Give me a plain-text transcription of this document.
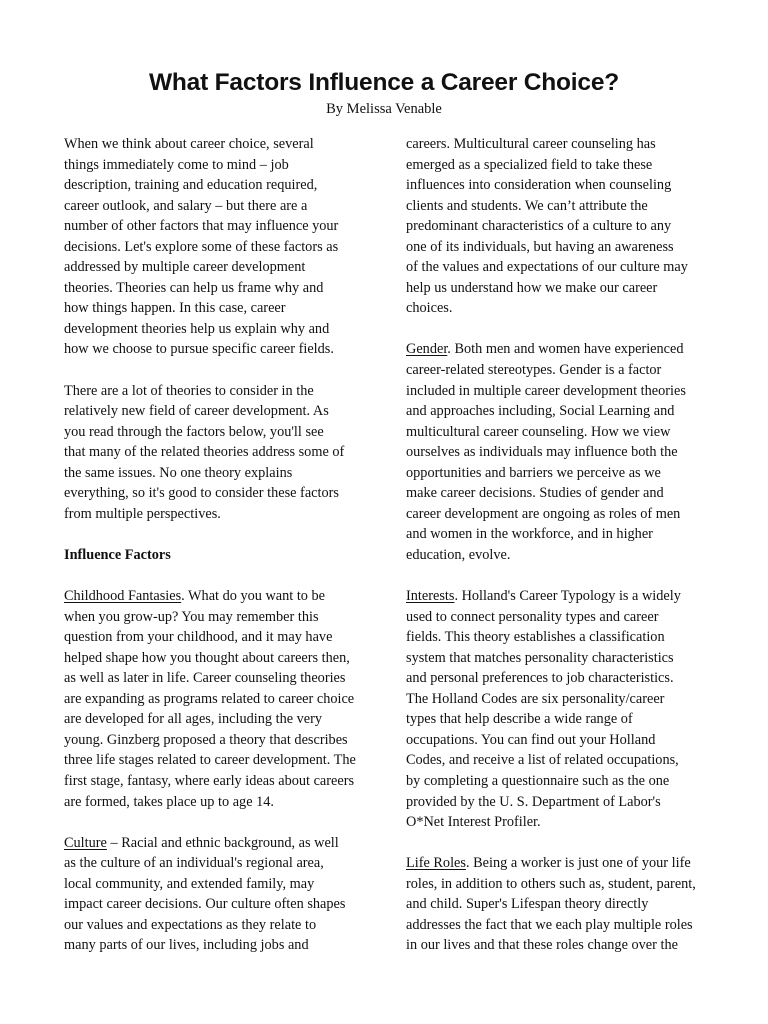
What Factors Influence a Career Choice?

By Melissa Venable

When we think about career choice, several
things immediately come to mind – job
description, training and education required,
career outlook, and salary – but there are a
number of other factors that may influence your
decisions. Let's explore some of these factors as
addressed by multiple career development
theories. Theories can help us frame why and
how things happen. In this case, career
development theories help us explain why and
how we choose to pursue specific career fields.
There are a lot of theories to consider in the
relatively new field of career development. As
you read through the factors below, you'll see
that many of the related theories address some of
the same issues. No one theory explains
everything, so it's good to consider these factors
from multiple perspectives.
Influence Factors
Childhood Fantasies. What do you want to be
when you grow-up? You may remember this
question from your childhood, and it may have
helped shape how you thought about careers then,
as well as later in life. Career counseling theories
are expanding as programs related to career choice
are developed for all ages, including the very
young. Ginzberg proposed a theory that describes
three life stages related to career development. The
first stage, fantasy, where early ideas about careers
are formed, takes place up to age 14.
Culture – Racial and ethnic background, as well
as the culture of an individual's regional area,
local community, and extended family, may
impact career decisions. Our culture often shapes
our values and expectations as they relate to
many parts of our lives, including jobs and
careers. Multicultural career counseling has
emerged as a specialized field to take these
influences into consideration when counseling
clients and students. We can’t attribute the
predominant characteristics of a culture to any
one of its individuals, but having an awareness
of the values and expectations of our culture may
help us understand how we make our career
choices.
Gender. Both men and women have experienced
career-related stereotypes. Gender is a factor
included in multiple career development theories
and approaches including, Social Learning and
multicultural career counseling. How we view
ourselves as individuals may influence both the
opportunities and barriers we perceive as we
make career decisions. Studies of gender and
career development are ongoing as roles of men
and women in the workforce, and in higher
education, evolve.
Interests. Holland's Career Typology is a widely
used to connect personality types and career
fields. This theory establishes a classification
system that matches personality characteristics
and personal preferences to job characteristics.
The Holland Codes are six personality/career
types that help describe a wide range of
occupations. You can find out your Holland
Codes, and receive a list of related occupations,
by completing a questionnaire such as the one
provided by the U. S. Department of Labor's
O*Net Interest Profiler.
Life Roles. Being a worker is just one of your life
roles, in addition to others such as, student, parent,
and child. Super's Lifespan theory directly
addresses the fact that we each play multiple roles
in our lives and that these roles change over the
